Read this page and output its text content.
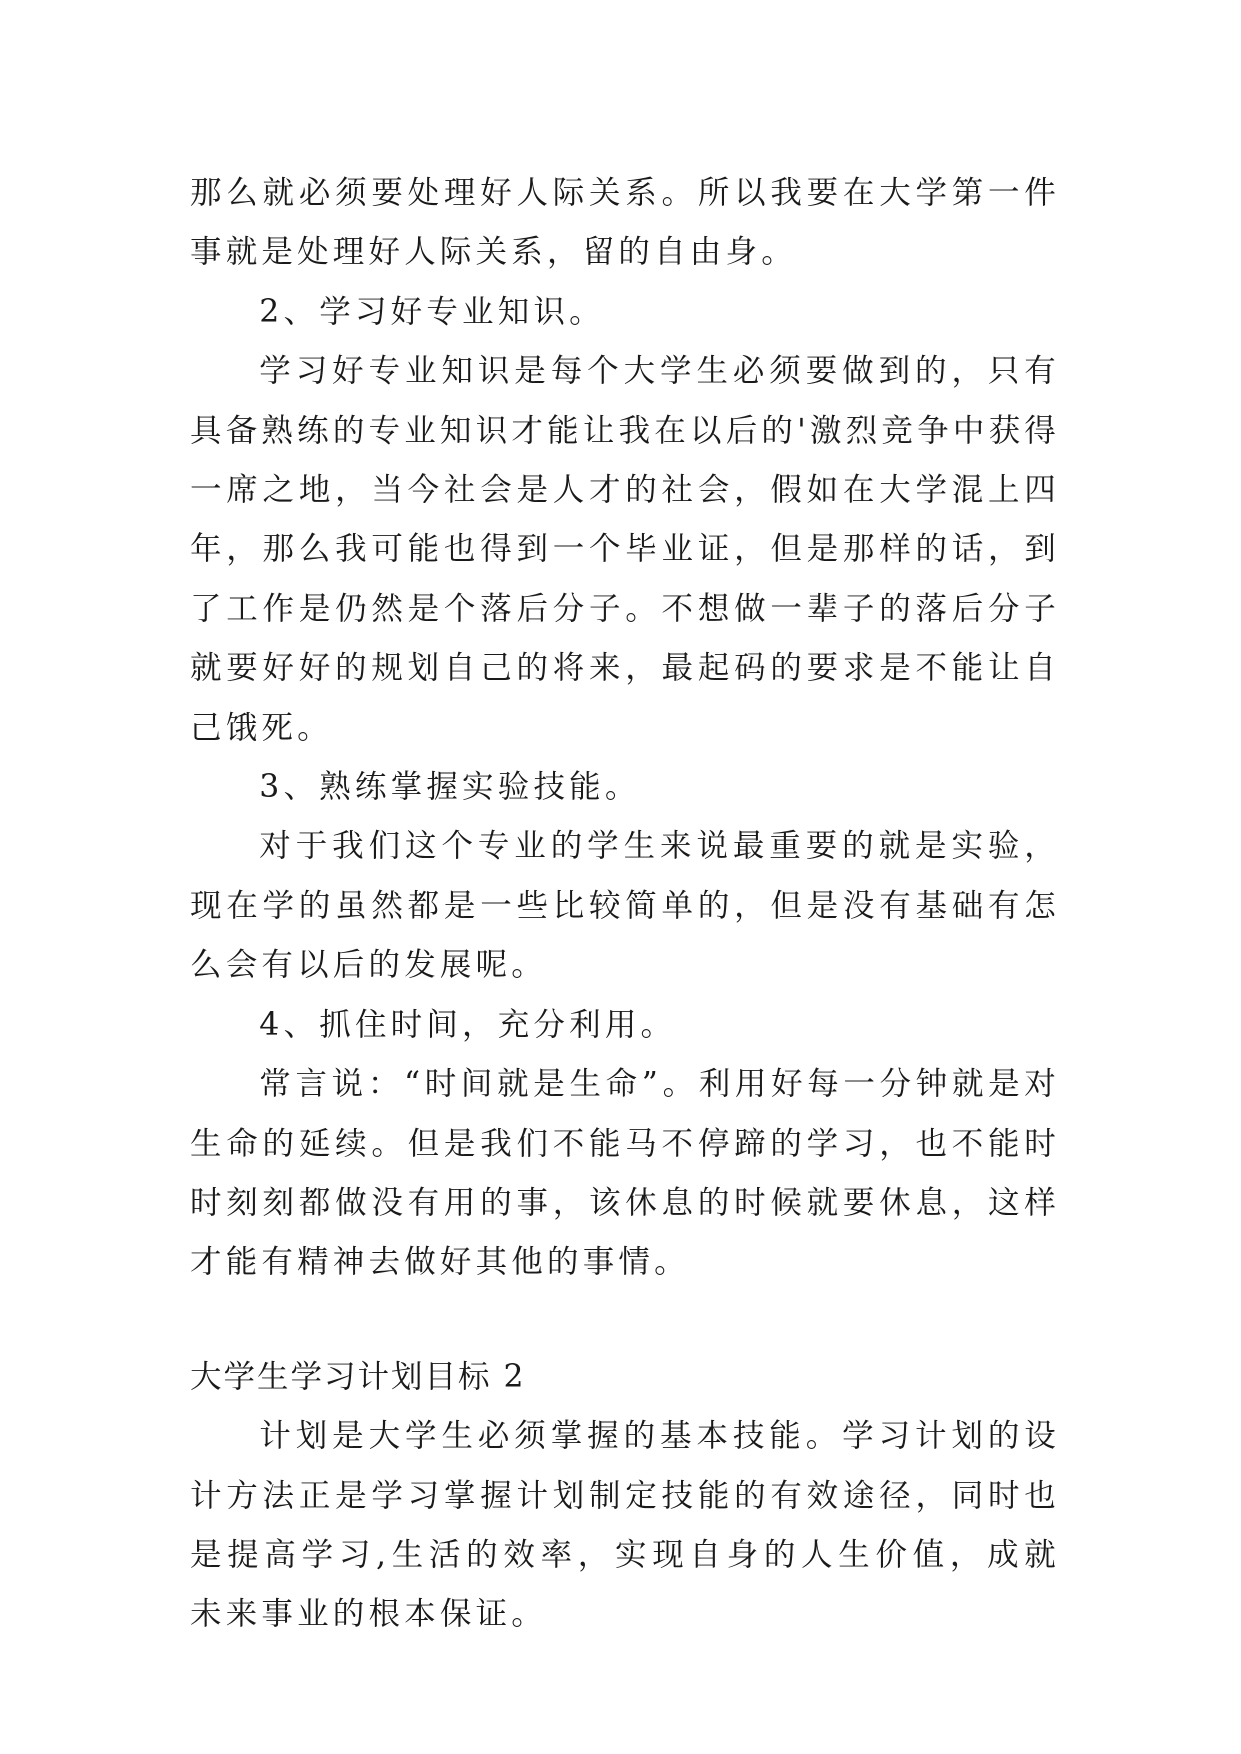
那么就必须要处理好人际关系。所以我要在大学第一件事就是处理好人际关系，留的自由身。

2、学习好专业知识。

学习好专业知识是每个大学生必须要做到的，只有具备熟练的专业知识才能让我在以后的'激烈竞争中获得一席之地，当今社会是人才的社会，假如在大学混上四年，那么我可能也得到一个毕业证，但是那样的话，到了工作是仍然是个落后分子。不想做一辈子的落后分子就要好好的规划自己的将来，最起码的要求是不能让自己饿死。

3、熟练掌握实验技能。

对于我们这个专业的学生来说最重要的就是实验，现在学的虽然都是一些比较简单的，但是没有基础有怎么会有以后的发展呢。

4、抓住时间，充分利用。

常言说：“时间就是生命”。利用好每一分钟就是对生命的延续。但是我们不能马不停蹄的学习，也不能时时刻刻都做没有用的事，该休息的时候就要休息，这样才能有精神去做好其他的事情。

大学生学习计划目标 2

计划是大学生必须掌握的基本技能。学习计划的设计方法正是学习掌握计划制定技能的有效途径，同时也是提高学习,生活的效率，实现自身的人生价值，成就未来事业的根本保证。
